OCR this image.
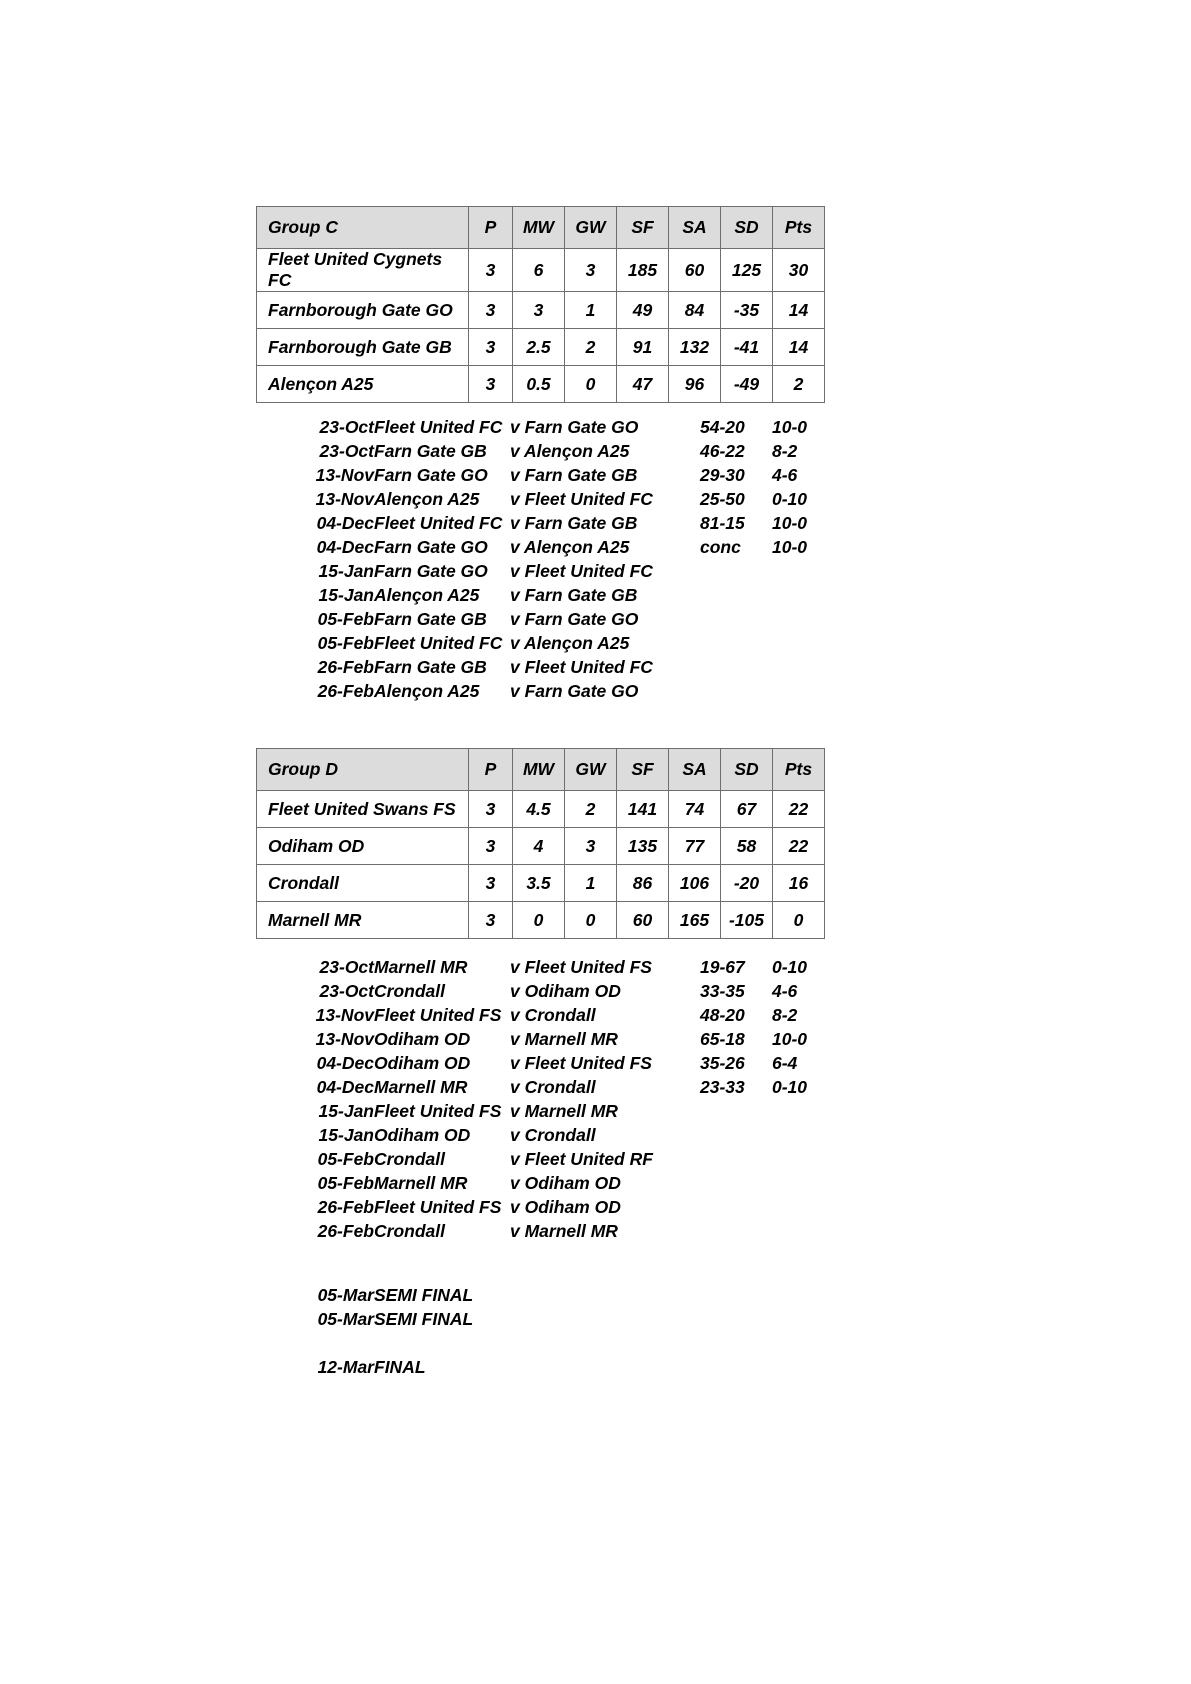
Group C	P	MW	GW	SF	SA	SD	Pts
Fleet United Cygnets FC	3	6	3	185	60	125	30
Farnborough Gate GO	3	3	1	49	84	-35	14
Farnborough Gate GB	3	2.5	2	91	132	-41	14
Alençon A25	3	0.5	0	47	96	-49	2
23-Oct	Fleet United FC	v Farn Gate GO	54-20	10-0
23-Oct	Farn Gate GB	v Alençon A25	46-22	8-2
13-Nov	Farn Gate GO	v Farn Gate GB	29-30	4-6
13-Nov	Alençon A25	v Fleet United FC	25-50	0-10
04-Dec	Fleet United FC	v Farn Gate GB	81-15	10-0
04-Dec	Farn Gate GO	v Alençon A25	conc	10-0
15-Jan	Farn Gate GO	v Fleet United FC		
15-Jan	Alençon A25	v Farn Gate GB		
05-Feb	Farn Gate GB	v Farn Gate GO		
05-Feb	Fleet United FC	v Alençon A25		
26-Feb	Farn Gate GB	v Fleet United FC		
26-Feb	Alençon A25	v Farn Gate GO		
Group D	P	MW	GW	SF	SA	SD	Pts
Fleet United Swans FS	3	4.5	2	141	74	67	22
Odiham OD	3	4	3	135	77	58	22
Crondall	3	3.5	1	86	106	-20	16
Marnell MR	3	0	0	60	165	-105	0
23-Oct	Marnell MR	v Fleet United FS	19-67	0-10
23-Oct	Crondall	v Odiham OD	33-35	4-6
13-Nov	Fleet United FS	v Crondall	48-20	8-2
13-Nov	Odiham OD	v Marnell MR	65-18	10-0
04-Dec	Odiham OD	v Fleet United FS	35-26	6-4
04-Dec	Marnell MR	v Crondall	23-33	0-10
15-Jan	Fleet United FS	v Marnell MR		
15-Jan	Odiham OD	v Crondall		
05-Feb	Crondall	v Fleet United RF		
05-Feb	Marnell MR	v Odiham OD		
26-Feb	Fleet United FS	v Odiham OD		
26-Feb	Crondall	v Marnell MR		
05-Mar	SEMI FINAL
05-Mar	SEMI FINAL

12-Mar	FINAL
